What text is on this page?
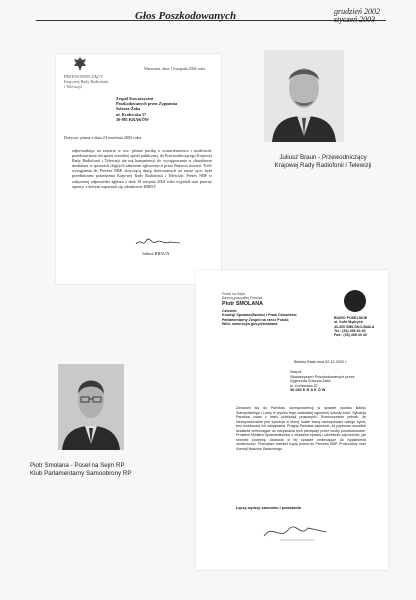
Głos Poszkodowanych	grudzień 2002
styczeń 2003
PRZEWODNICZĄCY
Krajowej Rady Radiofonii
i Telewizji
Warszawa, dnia 1 listopada 2002 roku
Zespół Stowarzyszeń
Poszkodowanych przez Zygmunta
Solorza-Żaka
ul. Królewska 57
30-081 KRAKÓW
Dotyczy: pisma z dnia 24 września 2002 roku.
odpowiadając na zawarte w ww. piśmie prośbę o wstawiennictwo i możliwość przedstawienia ich spraw szerokiej opinii publicznej, do Przewodniczącego Krajowej Rady Radiofonii i Telewizji nie ma kompetencji do występowania w charakterze mediatora w sprawach objętych zakresem zgłoszonych przez Państwa kwestii. Treść wystąpienia do Prezesa NBP, dotyczącą skarg skierowanych na nasze ręce, była przedmiotem posiedzenia Krajowej Rady Radiofonii i Telewizji. Prezes NBP w załączonej odpowiedzi zgłasza z dnia 19 sierpnia 2002 roku wyjaśnił stan prawny sprawy, z którym zapoznali się członkowie KRRiT.
Juliusz BRAUN
Juliusz Braun - Przewodniczący
Krajowej Rady Radiofonii i Telewizji
Poseł na Sejm
Rzeczypospolitej Polskiej
Piotr SMOLANA
Członek:
Komisji Sprawiedliwości i Praw Człowieka;
Parlamentarny Zespół na rzecz Polski;
Web: www.sejm.gov.pl/smolana
BIURO POSELSKIE
ul. Koło Mądrych
43-300 BIELSKO-BIAŁA
Tel.: (33) 498 40 40
Fax.: (33) 498 40 40
Bielsko Biała dnia 02.12.2002 r.
Zespół
Stowarzyszeń Poszkodowanych przez
Zygmunta Solorza-Żaka
ul. Królewska 57
30-081 K R A K Ó W
Zwracam się do Państwa, korespondencji w sprawie upadku Banku Staropolskiego i Lubię w wyniku tego zaistniałej ogromnej szkody ludzi. Sytuacja Państwa znam z wielu publikacji prasowych. Równocześnie jednak, że niedopuszczalne jest sytuacja w której ludzie tracą oszczędności całego życia, bez możliwości ich odzyskania. Pragnę Państwa zapewnić, że popieram wszelkie działania zmierzające do odzyskania tych pieniędzy przez osoby poszkodowane. Prosiłem Ministra Sprawiedliwości o zbadanie sprawy i udzielenie odpowiedzi, jak również podejmę działania w tej sprawie zmierzające do wyjaśnienia okoliczności. Przesyłam również kopię pisma do Prezesa NBP, Prokuratury oraz Komisji Nadzoru Bankowego.
Łączę wyrazy szacunku i poważania
Piotr Smolana - Poseł na Sejm RP
Klub Parlamentarny Samoobrony RP
